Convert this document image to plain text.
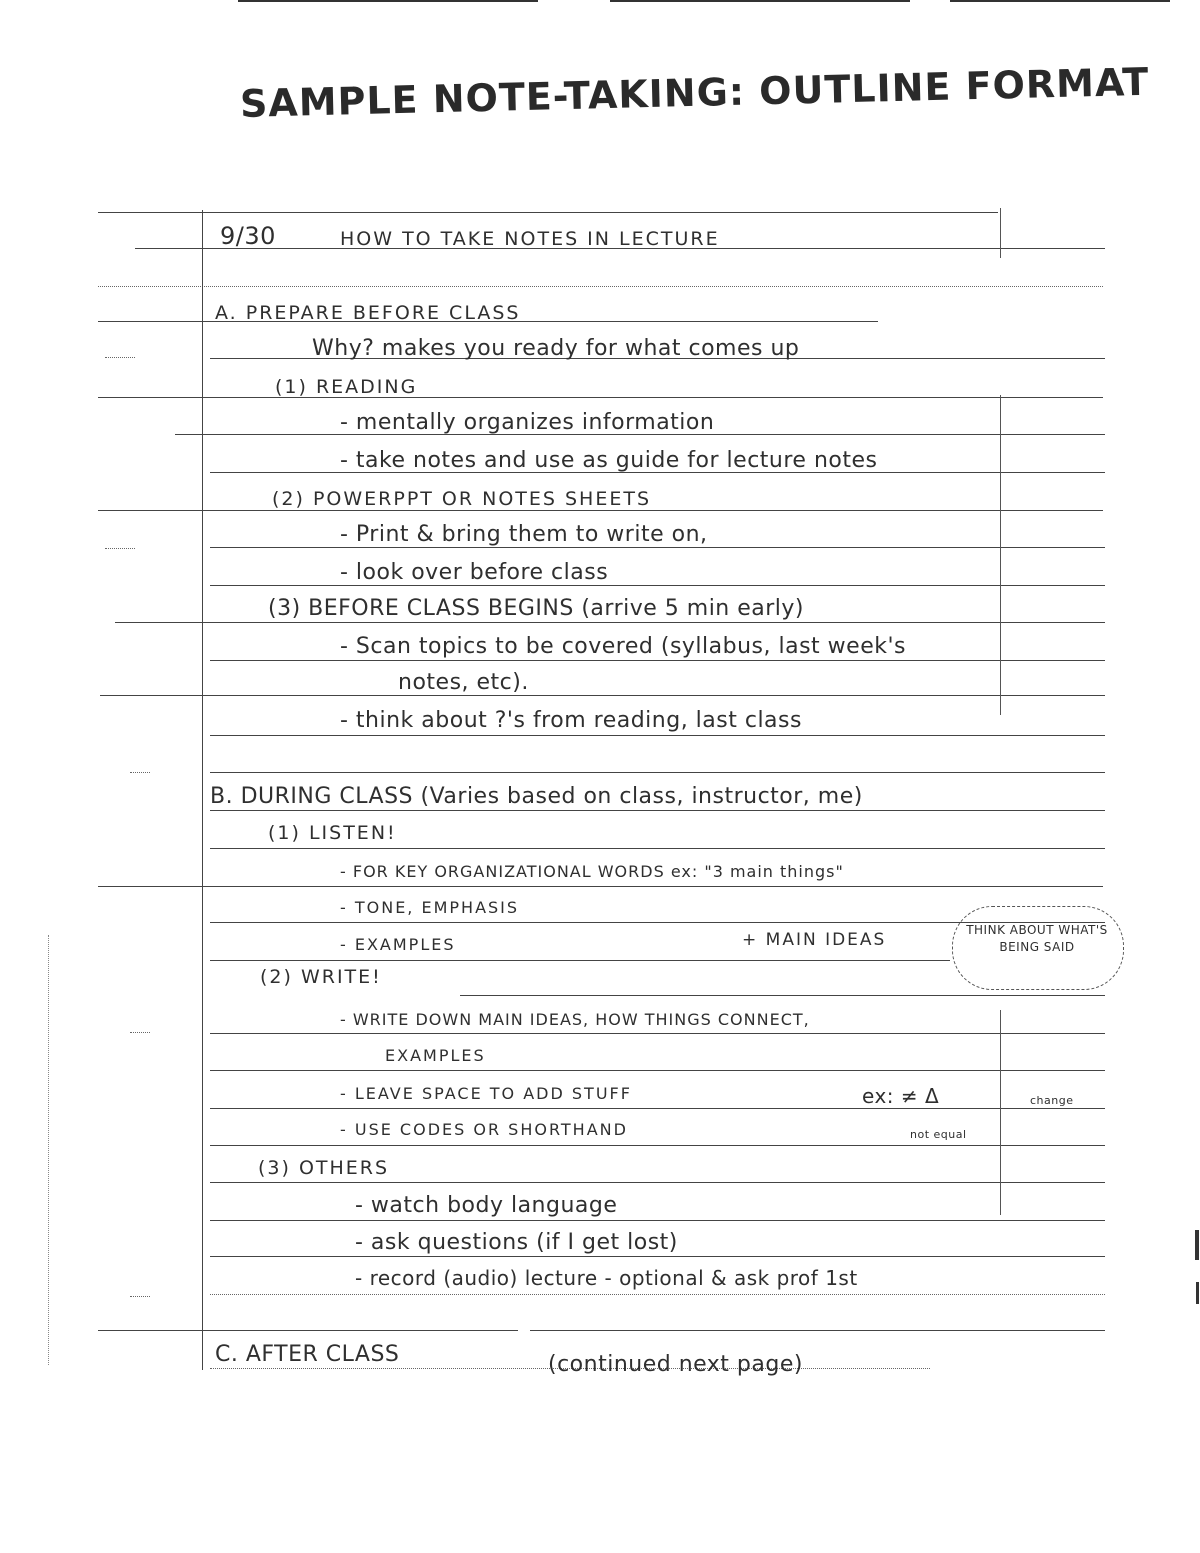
SAMPLE NOTE-TAKING: OUTLINE FORMAT
9/30	HOW TO TAKE NOTES IN LECTURE
A. PREPARE BEFORE CLASS
Why? makes you ready for what comes up
(1) READING
- mentally organizes information
- take notes and use as guide for lecture notes
(2) POWERPPT OR NOTES SHEETS
- Print & bring them to write on,
- look over before class
(3) BEFORE CLASS BEGINS (arrive 5 min early)
- Scan topics to be covered (syllabus, last week's
notes, etc).
- think about ?'s from reading, last class
B. DURING CLASS (Varies based on class, instructor, me)
(1) LISTEN!
- FOR KEY ORGANIZATIONAL WORDS ex: "3 main things"
- TONE, EMPHASIS
- EXAMPLES	+ MAIN IDEAS	THINK ABOUT WHAT'S BEING SAID
(2) WRITE!
- WRITE DOWN MAIN IDEAS, HOW THINGS CONNECT,
EXAMPLES
- LEAVE SPACE TO ADD STUFF	ex: ≠ Δ	change
not equal
- USE CODES OR SHORTHAND
(3) OTHERS
- watch body language
- ask questions (if I get lost)
- record (audio) lecture - optional & ask prof 1st
C. AFTER CLASS	(continued next page)
